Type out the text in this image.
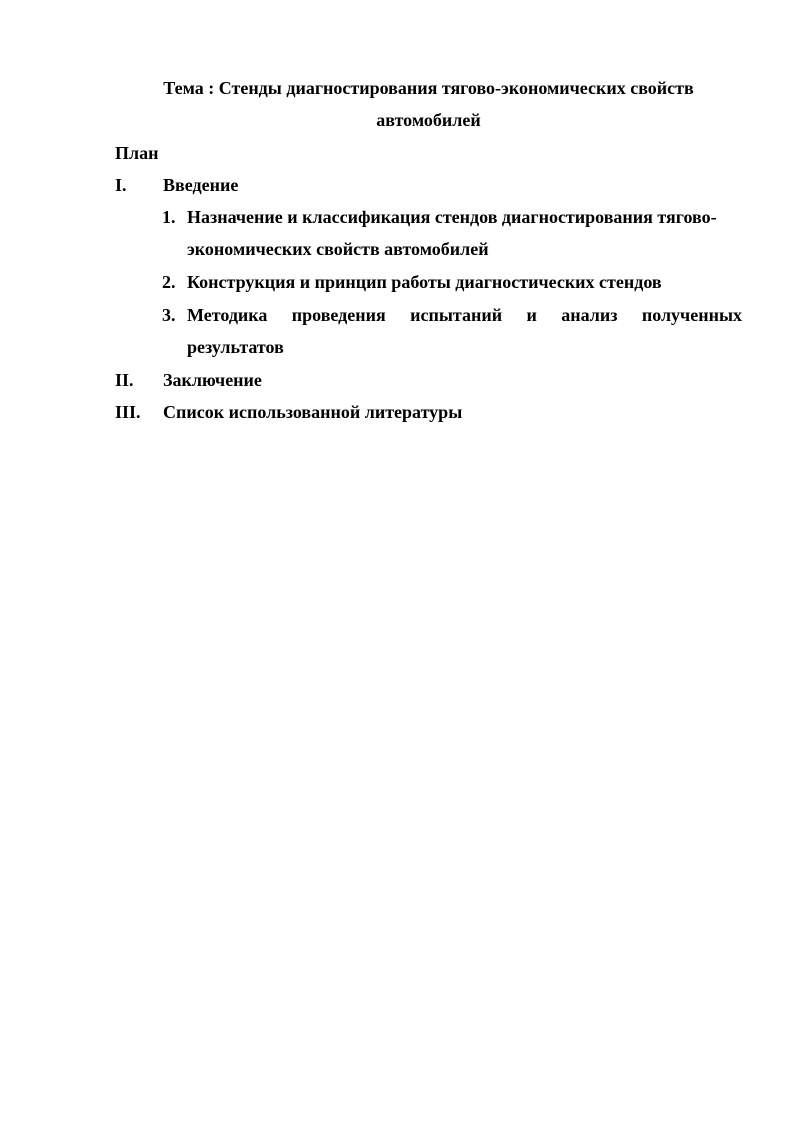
Тема : Стенды диагностирования тягово-экономических свойств
автомобилей
План
I. Введение
1. Назначение и классификация стендов диагностирования тягово-
экономических свойств автомобилей
2. Конструкция и принцип работы диагностических стендов
3. Методика проведения испытаний и анализ полученных
результатов
II. Заключение
III. Список использованной литературы
